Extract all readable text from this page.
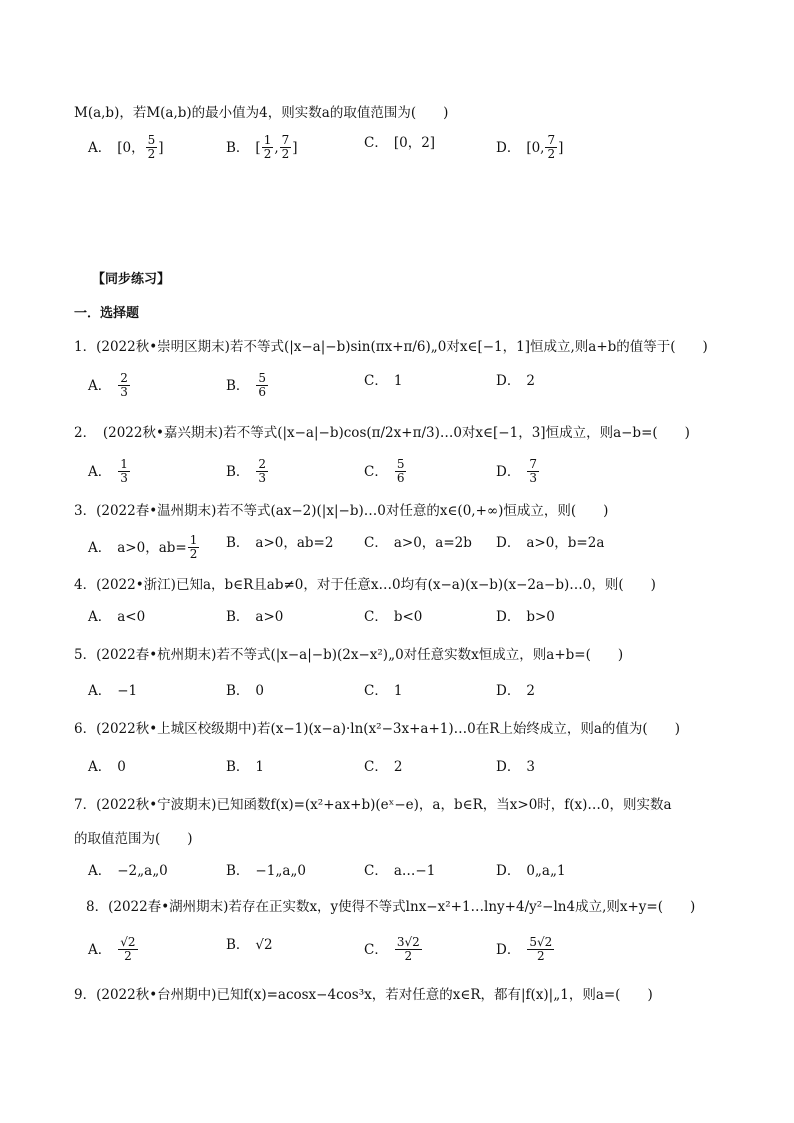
M(a,b)，若M(a,b)的最小值为4，则实数a的取值范围为(　　)
A． [0， $\frac{5}{2}$ ]	B． [ $\frac{1}{2}$ , $\frac{7}{2}$ ]	C． [0，2]	D． [0, $\frac{7}{2}$ ]
【同步练习】
一．选择题
1．(2022秋•崇明区期末)若不等式(|x−a|−b)sin(πx+π/6)„0对x∈[−1，1]恒成立,则a+b的值等于(　　)
A． $\frac{2}{3}$	B． $\frac{5}{6}$	C． 1	D． 2
2．　(2022秋•嘉兴期末)若不等式(|x−a|−b)cos(π/2x+π/3)…0对x∈[−1，3]恒成立，则a−b=(　　)
A． $\frac{1}{3}$	B． $\frac{2}{3}$	C． $\frac{5}{6}$	D． $\frac{7}{3}$
3．(2022春•温州期末)若不等式(ax−2)(|x|−b)…0对任意的x∈(0,+∞)恒成立，则(　　)
A． a>0，$ab= \frac{1}{2}$ B． a>0，ab=2 C． a>0，a=2b D． a>0，b=2a
4．(2022•浙江)已知a，b∈R且ab≠0，对于任意x…0均有(x−a)(x−b)(x−2a−b)…0，则(　　)
A． a<0	B． a>0	C． b<0	D． b>0
5．(2022春•杭州期末)若不等式(|x−a|−b)(2x−x²)„0对任意实数x恒成立，则a+b=(　　)
A． −1	B． 0	C． 1	D． 2
6．(2022秋•上城区校级期中)若(x−1)(x−a)·ln(x²−3x+a+1)…0在R上始终成立，则a的值为(　　)
A． 0	B． 1	C． 2	D． 3
7．(2022秋•宁波期末)已知函数f(x)=(x²+ax+b)(eˣ−e)，a，b∈R，当x>0时，f(x)…0，则实数a
的取值范围为(　　)
A． −2„a„0	B． −1„a„0	C． a…−1	D． 0„a„1
8．(2022春•湖州期末)若存在正实数x，y使得不等式lnx−x²+1…lny+4/y²−ln4成立,则x+y=(　　)
A． $\frac{√2}{2}$	B． √2	C． $\frac{3√2}{2}$	D． $\frac{5√2}{2}$
9．(2022秋•台州期中)已知f(x)=acosx−4cos³x，若对任意的x∈R，都有|f(x)|„1，则a=(　　)
